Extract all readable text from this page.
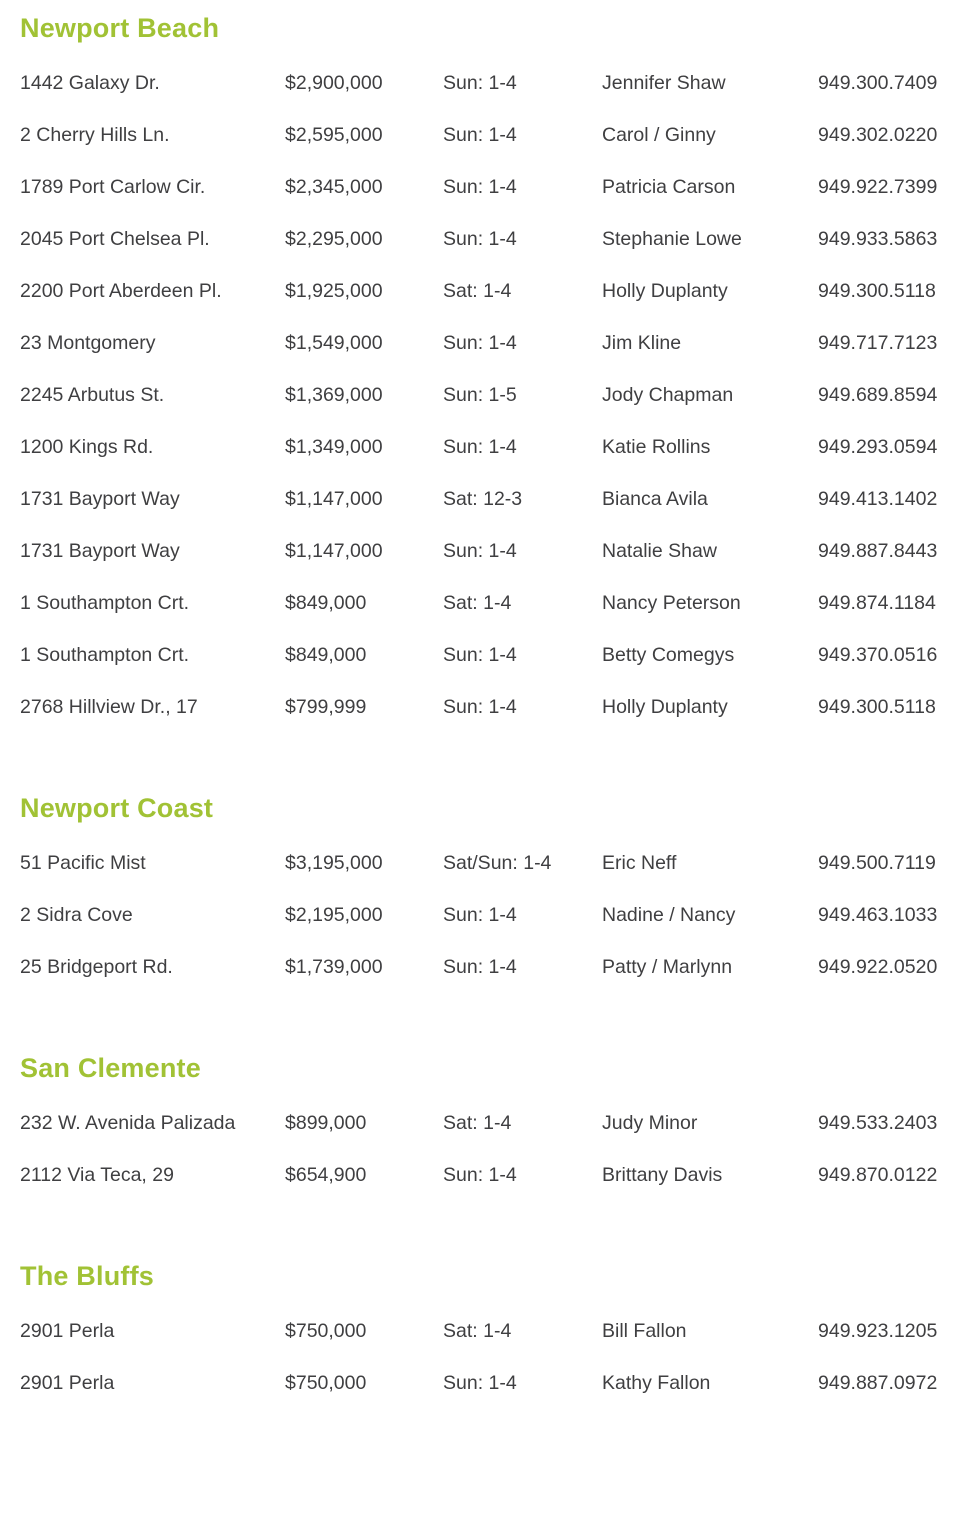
Newport Beach
1442 Galaxy Dr.	$2,900,000	Sun: 1-4	Jennifer Shaw	949.300.7409
2 Cherry Hills Ln.	$2,595,000	Sun: 1-4	Carol / Ginny	949.302.0220
1789 Port Carlow Cir.	$2,345,000	Sun: 1-4	Patricia Carson	949.922.7399
2045 Port Chelsea Pl.	$2,295,000	Sun: 1-4	Stephanie Lowe	949.933.5863
2200 Port Aberdeen Pl.	$1,925,000	Sat: 1-4	Holly Duplanty	949.300.5118
23 Montgomery	$1,549,000	Sun: 1-4	Jim Kline	949.717.7123
2245 Arbutus St.	$1,369,000	Sun: 1-5	Jody Chapman	949.689.8594
1200 Kings Rd.	$1,349,000	Sun: 1-4	Katie Rollins	949.293.0594
1731 Bayport Way	$1,147,000	Sat: 12-3	Bianca Avila	949.413.1402
1731 Bayport Way	$1,147,000	Sun: 1-4	Natalie Shaw	949.887.8443
1 Southampton Crt.	$849,000	Sat: 1-4	Nancy Peterson	949.874.1184
1 Southampton Crt.	$849,000	Sun: 1-4	Betty Comegys	949.370.0516
2768 Hillview Dr., 17	$799,999	Sun: 1-4	Holly Duplanty	949.300.5118
Newport Coast
51 Pacific Mist	$3,195,000	Sat/Sun: 1-4	Eric Neff	949.500.7119
2 Sidra Cove	$2,195,000	Sun: 1-4	Nadine / Nancy	949.463.1033
25 Bridgeport Rd.	$1,739,000	Sun: 1-4	Patty / Marlynn	949.922.0520
San Clemente
232 W. Avenida Palizada	$899,000	Sat: 1-4	Judy Minor	949.533.2403
2112 Via Teca, 29	$654,900	Sun: 1-4	Brittany Davis	949.870.0122
The Bluffs
2901 Perla	$750,000	Sat: 1-4	Bill Fallon	949.923.1205
2901 Perla	$750,000	Sun: 1-4	Kathy Fallon	949.887.0972
